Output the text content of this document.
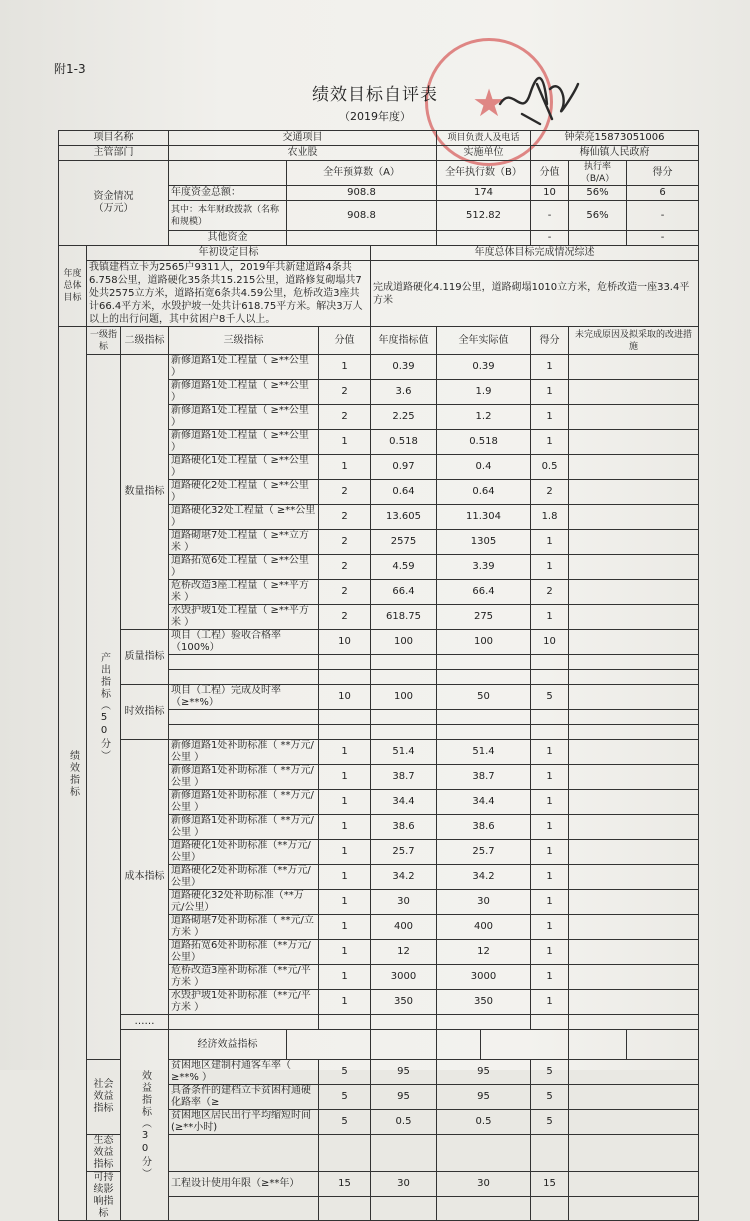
★
附1-3
绩效目标自评表
（2019年度）
项目名称			交通项目				项目负责人及电话		钟荣亮15873051006		
主管部门			农业股				实施单位		梅仙镇人民政府		
资金情况
（万元）				全年预算数（A）			全年执行数（B）		分值	执行率（B/A）	得分
			年度资金总额：	908.8			174		10	56%	6
			其中：本年财政拨款（名称和规模）	908.8			512.82		-	56%	-
			其他资金						-		-
年度总体目标	年初设定目标					年度总体目标完成情况综述					
	我镇建档立卡为2565户9311人，2019年共新建道路4条共6.758公里，道路硬化35条共15.215公里，道路修复砌塌共7处共2575立方米，道路拓宽6条共4.59公里，危桥改造3座共计66.4平方米，水毁护坡一处共计618.75平方米。解决3万人以上的出行问题，其中贫困户8千人以上。					完成道路硬化4.119公里，道路砌塌1010立方米，危桥改造一座33.4平方米					
绩效指标	一级指标	二级指标	三级指标		分值	年度指标值	全年实际值		得分	未完成原因及拟采取的改进措施	
	产出指标（50分）	数量指标	新修道路1处工程量（ ≥**公里 ）		1	0.39	0.39		1		
			新修道路1处工程量（ ≥**公里 ）		2	3.6	1.9		1		
			新修道路1处工程量（ ≥**公里 ）		2	2.25	1.2		1		
			新修道路1处工程量（ ≥**公里 ）		1	0.518	0.518		1		
			道路硬化1处工程量（ ≥**公里 ）		1	0.97	0.4		0.5		
			道路硬化2处工程量（ ≥**公里 ）		2	0.64	0.64		2		
			道路硬化32处工程量（ ≥**公里 ）		2	13.605	11.304		1.8		
			道路砌堪7处工程量（ ≥**立方米 ）		2	2575	1305		1		
			道路拓宽6处工程量（ ≥**公里 ）		2	4.59	3.39		1		
			危桥改造3座工程量（ ≥**平方米 ）		2	66.4	66.4		2		
			水毁护坡1处工程量（ ≥**平方米 ）		2	618.75	275		1		
		质量指标	项目（工程）验收合格率（100%）		10	100	100		10		

		时效指标	项目（工程）完成及时率（≥**%）		10	100	50		5		

		成本指标	新修道路1处补助标准（ **万元/公里 ）		1	51.4	51.4		1		
			新修道路1处补助标准（ **万元/公里 ）		1	38.7	38.7		1		
			新修道路1处补助标准（ **万元/公里 ）		1	34.4	34.4		1		
			新修道路1处补助标准（ **万元/公里 ）		1	38.6	38.6		1		
			道路硬化1处补助标准（**万元/公里）		1	25.7	25.7		1		
			道路硬化2处补助标准（**万元/公里）		1	34.2	34.2		1		
			道路硬化32处补助标准（**万元/公里）		1	30	30		1		
			道路砌堪7处补助标准（ **元/立方米 ）		1	400	400		1		
			道路拓宽6处补助标准（**万元/公里）		1	12	12		1		
			危桥改造3座补助标准（**元/平方米 ）		1	3000	3000		1		
			水毁护坡1处补助标准（**元/平方米 ）		1	350	350		1		
		……									
		效益指标（30分）	经济效益指标								
	社会效益指标		贫困地区建制村通客车率（ ≥**% ）		5	95	95		5		
			具备条件的建档立卡贫困村通硬化路率（≥		5	95	95		5		
			贫困地区居民出行平均缩短时间(≥**小时)		5	0.5	0.5		5		
	生态效益指标										
	可持续影响指标		工程设计使用年限（≥**年）		15	30	30		15		
